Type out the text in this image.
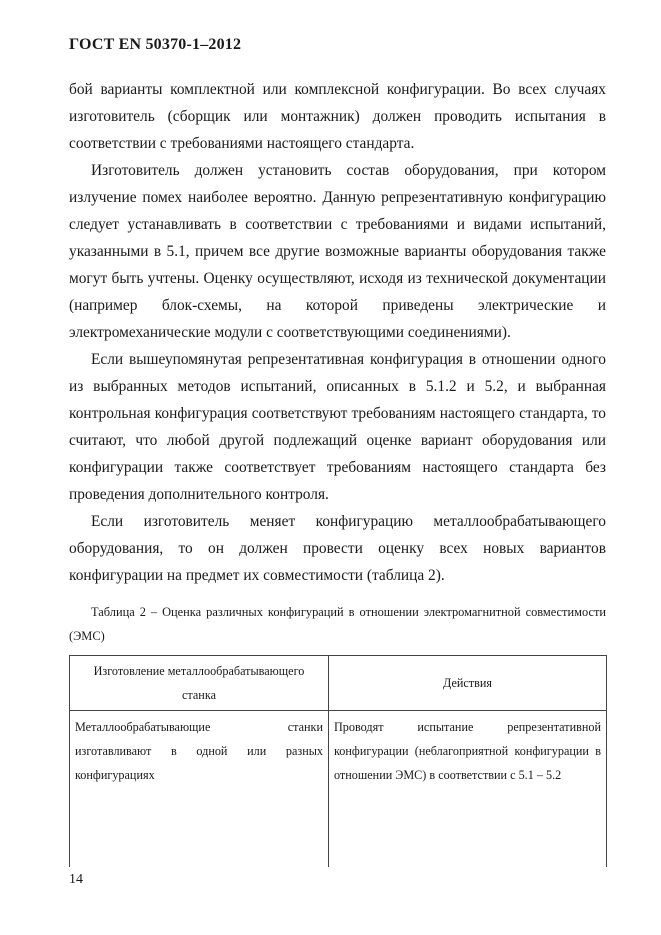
ГОСТ EN 50370-1–2012

бой варианты комплектной или комплексной конфигурации. Во всех случаях изготовитель (сборщик или монтажник) должен проводить испытания в соответствии с требованиями настоящего стандарта.

Изготовитель должен установить состав оборудования, при котором излучение помех наиболее вероятно. Данную репрезентативную конфигурацию следует устанавливать в соответствии с требованиями и видами испытаний, указанными в 5.1, причем все другие возможные варианты оборудования также могут быть учтены. Оценку осуществляют, исходя из технической документации (например блок-схемы, на которой приведены электрические и электромеханические модули с соответствующими соединениями).

Если вышеупомянутая репрезентативная конфигурация в отношении одного из выбранных методов испытаний, описанных в 5.1.2 и 5.2, и выбранная контрольная конфигурация соответствуют требованиям настоящего стандарта, то считают, что любой другой подлежащий оценке вариант оборудования или конфигурации также соответствует требованиям настоящего стандарта без проведения дополнительного контроля.

Если изготовитель меняет конфигурацию металлообрабатывающего оборудования, то он должен провести оценку всех новых вариантов конфигурации на предмет их совместимости (таблица 2).

Таблица 2 – Оценка различных конфигураций в отношении электромагнитной совместимости (ЭМС)
Изготовление металлообрабатывающего станка	Действия
Металлообрабатывающие станки изготавливают в одной или разных конфигурациях	Проводят испытание репрезентативной конфигурации (неблагоприятной конфигурации в отношении ЭМС) в соответствии с 5.1 – 5.2
14
